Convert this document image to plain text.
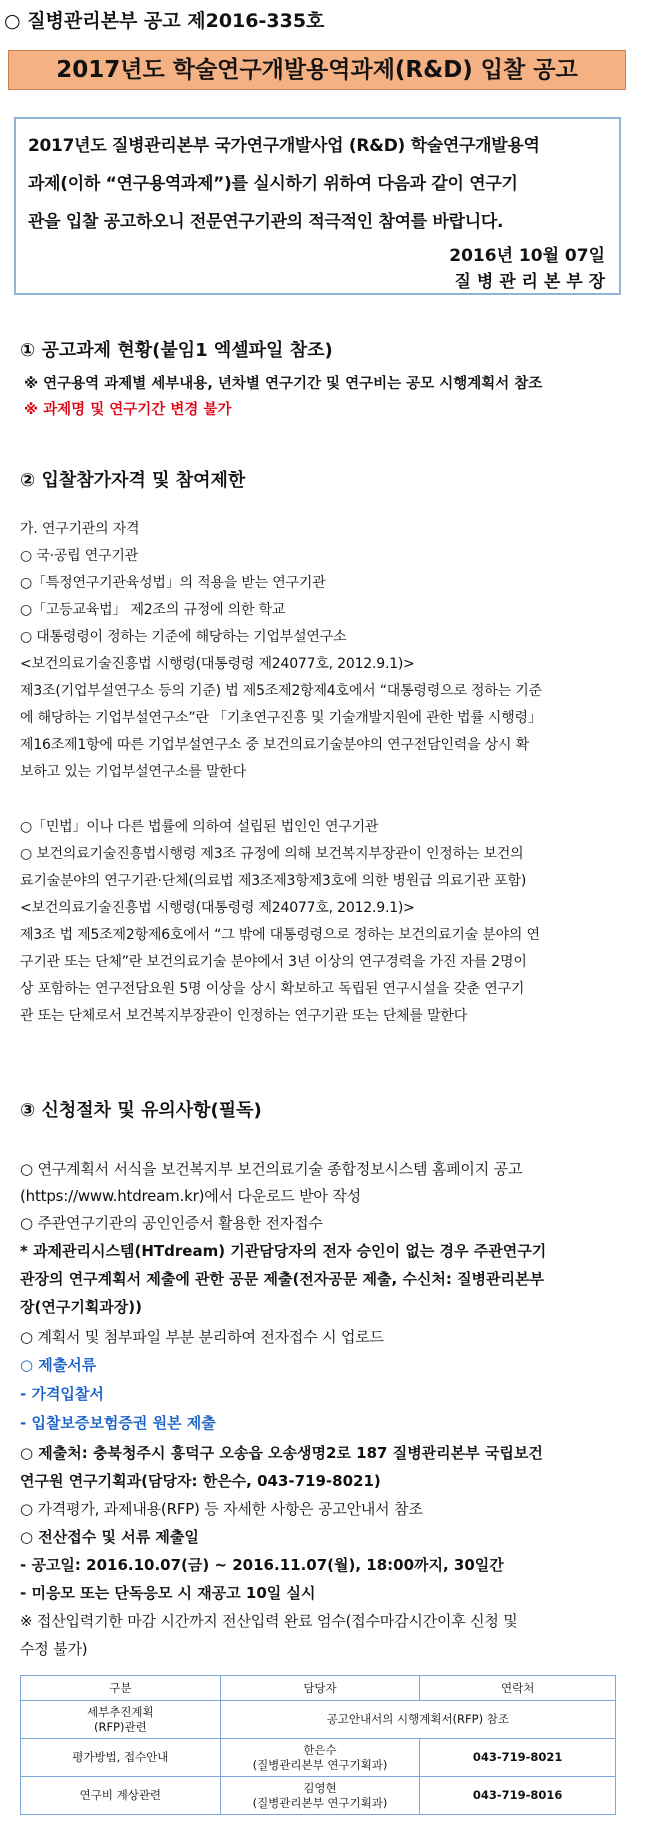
○ 질병관리본부 공고 제2016-335호
2017년도 학술연구개발용역과제(R&D) 입찰 공고
2017년도 질병관리본부 국가연구개발사업 (R&D) 학술연구개발용역
과제(이하 “연구용역과제”)를 실시하기 위하여 다음과 같이 연구기
관을 입찰 공고하오니 전문연구기관의 적극적인 참여를 바랍니다.
2016년 10월 07일
질 병 관 리 본 부 장
① 공고과제 현황(붙임1 엑셀파일 참조)
※ 연구용역 과제별 세부내용, 년차별 연구기간 및 연구비는 공모 시행계획서 참조
※ 과제명 및 연구기간 변경 불가
② 입찰참가자격 및 참여제한
가. 연구기관의 자격
○ 국·공립 연구기관
○「특정연구기관육성법」의 적용을 받는 연구기관
○「고등교육법」 제2조의 규정에 의한 학교
○ 대통령령이 정하는 기준에 해당하는 기업부설연구소
<보건의료기술진흥법 시행령(대통령령 제24077호, 2012.9.1)>
제3조(기업부설연구소 등의 기준) 법 제5조제2항제4호에서 “대통령령으로 정하는 기준
에 해당하는 기업부설연구소”란 「기초연구진흥 및 기술개발지원에 관한 법률 시행령」
제16조제1항에 따른 기업부설연구소 중 보건의료기술분야의 연구전담인력을 상시 확
보하고 있는 기업부설연구소를 말한다
○「민법」이나 다른 법률에 의하여 설립된 법인인 연구기관
○ 보건의료기술진흥법시행령 제3조 규정에 의해 보건복지부장관이 인정하는 보건의
료기술분야의 연구기관·단체(의료법 제3조제3항제3호에 의한 병원급 의료기관 포함)
<보건의료기술진흥법 시행령(대통령령 제24077호, 2012.9.1)>
제3조 법 제5조제2항제6호에서 “그 밖에 대통령령으로 정하는 보건의료기술 분야의 연
구기관 또는 단체”란 보건의료기술 분야에서 3년 이상의 연구경력을 가진 자를 2명이
상 포함하는 연구전담요원 5명 이상을 상시 확보하고 독립된 연구시설을 갖춘 연구기
관 또는 단체로서 보건복지부장관이 인정하는 연구기관 또는 단체를 말한다
③ 신청절차 및 유의사항(필독)
○ 연구계획서 서식을 보건복지부 보건의료기술 종합정보시스템 홈페이지 공고
(https://www.htdream.kr)에서 다운로드 받아 작성
○ 주관연구기관의 공인인증서 활용한 전자접수
* 과제관리시스템(HTdream) 기관담당자의 전자 승인이 없는 경우 주관연구기
관장의 연구계획서 제출에 관한 공문 제출(전자공문 제출, 수신처: 질병관리본부
장(연구기획과장))
○ 계획서 및 첨부파일 부분 분리하여 전자접수 시 업로드
○ 제출서류
- 가격입찰서
- 입찰보증보험증권 원본 제출
○ 제출처: 충북청주시 흥덕구 오송읍 오송생명2로 187 질병관리본부 국립보건
연구원 연구기획과(담당자: 한은수, 043-719-8021)
○ 가격평가, 과제내용(RFP) 등 자세한 사항은 공고안내서 참조
○ 전산접수 및 서류 제출일
- 공고일: 2016.10.07(금) ~ 2016.11.07(월), 18:00까지, 30일간
- 미응모 또는 단독응모 시 재공고 10일 실시
※ 접산입력기한 마감 시간까지 전산입력 완료 엄수(접수마감시간이후 신청 및
수정 불가)
구분	담당자	연락처

세부추진계획
(RFP)관련	공고안내서의 시행계획서(RFP) 참조	
평가방법, 접수안내	한은수
(질병관리본부 연구기획과)	043-719-8021
연구비 계상관련	김영현
(질병관리본부 연구기획과)	043-719-8016
